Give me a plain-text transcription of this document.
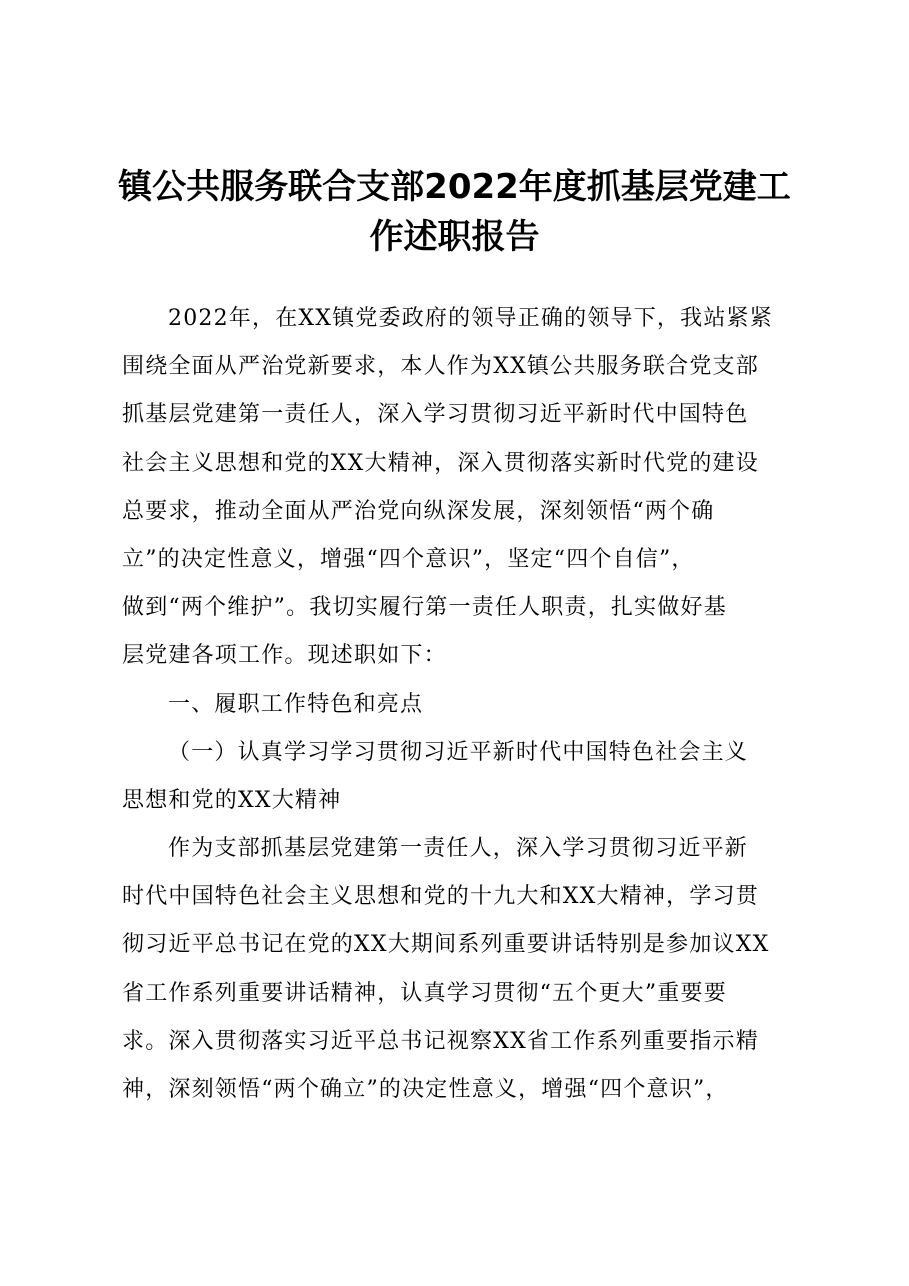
镇公共服务联合支部2022年度抓基层党建工
作述职报告
2022年，在XX镇党委政府的领导正确的领导下，我站紧紧
围绕全面从严治党新要求，本人作为XX镇公共服务联合党支部
抓基层党建第一责任人，深入学习贯彻习近平新时代中国特色
社会主义思想和党的XX大精神，深入贯彻落实新时代党的建设
总要求，推动全面从严治党向纵深发展，深刻领悟“两个确
立”的决定性意义，增强“四个意识”，坚定“四个自信”，
做到“两个维护”。我切实履行第一责任人职责，扎实做好基
层党建各项工作。现述职如下：
一、履职工作特色和亮点
（一）认真学习学习贯彻习近平新时代中国特色社会主义
思想和党的XX大精神
作为支部抓基层党建第一责任人，深入学习贯彻习近平新
时代中国特色社会主义思想和党的十九大和XX大精神，学习贯
彻习近平总书记在党的XX大期间系列重要讲话特别是参加议XX
省工作系列重要讲话精神，认真学习贯彻“五个更大”重要要
求。深入贯彻落实习近平总书记视察XX省工作系列重要指示精
神，深刻领悟“两个确立”的决定性意义，增强“四个意识”，
